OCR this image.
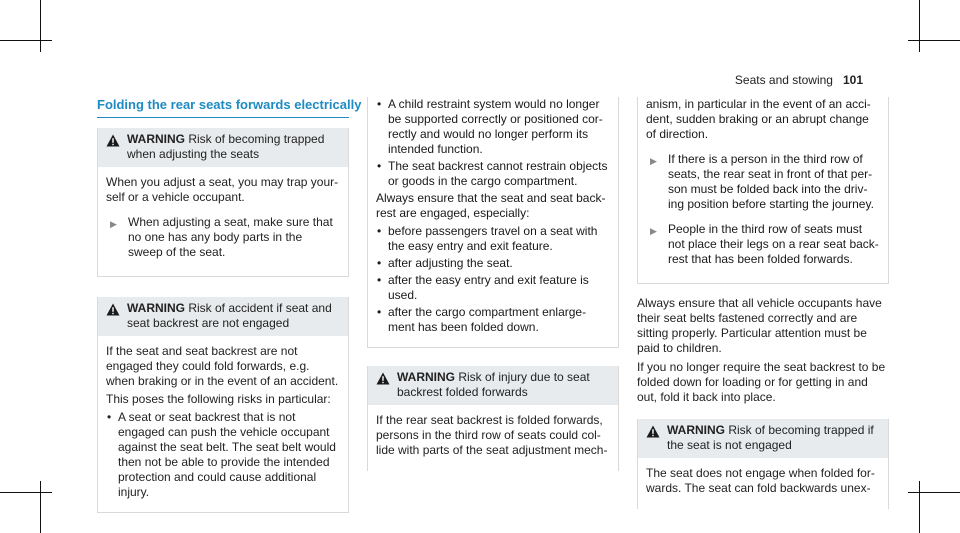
Seats and stowing 101
Folding the rear seats forwards electrically
WARNING Risk of becoming trapped when adjusting the seats

When you adjust a seat, you may trap your-self or a vehicle occupant.

▶ When adjusting a seat, make sure that no one has any body parts in the sweep of the seat.
WARNING Risk of accident if seat and seat backrest are not engaged

If the seat and seat backrest are not engaged they could fold forwards, e.g. when braking or in the event of an accident.

This poses the following risks in particular:

• A seat or seat backrest that is not engaged can push the vehicle occupant against the seat belt. The seat belt would then not be able to provide the intended protection and could cause additional injury.
• A child restraint system would no longer be supported correctly or positioned cor-rectly and would no longer perform its intended function.
• The seat backrest cannot restrain objects or goods in the cargo compartment.

Always ensure that the seat and seat back-rest are engaged, especially:

• before passengers travel on a seat with the easy entry and exit feature.
• after adjusting the seat.
• after the easy entry and exit feature is used.
• after the cargo compartment enlarge-ment has been folded down.
WARNING Risk of injury due to seat backrest folded forwards

If the rear seat backrest is folded forwards, persons in the third row of seats could col-lide with parts of the seat adjustment mech-

anism, in particular in the event of an acci-dent, sudden braking or an abrupt change of direction.

▶ If there is a person in the third row of seats, the rear seat in front of that per-son must be folded back into the driv-ing position before starting the journey.
▶ People in the third row of seats must not place their legs on a rear seat back-rest that has been folded forwards.

Always ensure that all vehicle occupants have their seat belts fastened correctly and are sitting properly. Particular attention must be paid to children.

If you no longer require the seat backrest to be folded down for loading or for getting in and out, fold it back into place.

WARNING Risk of becoming trapped if the seat is not engaged

The seat does not engage when folded for-wards. The seat can fold backwards unex-
